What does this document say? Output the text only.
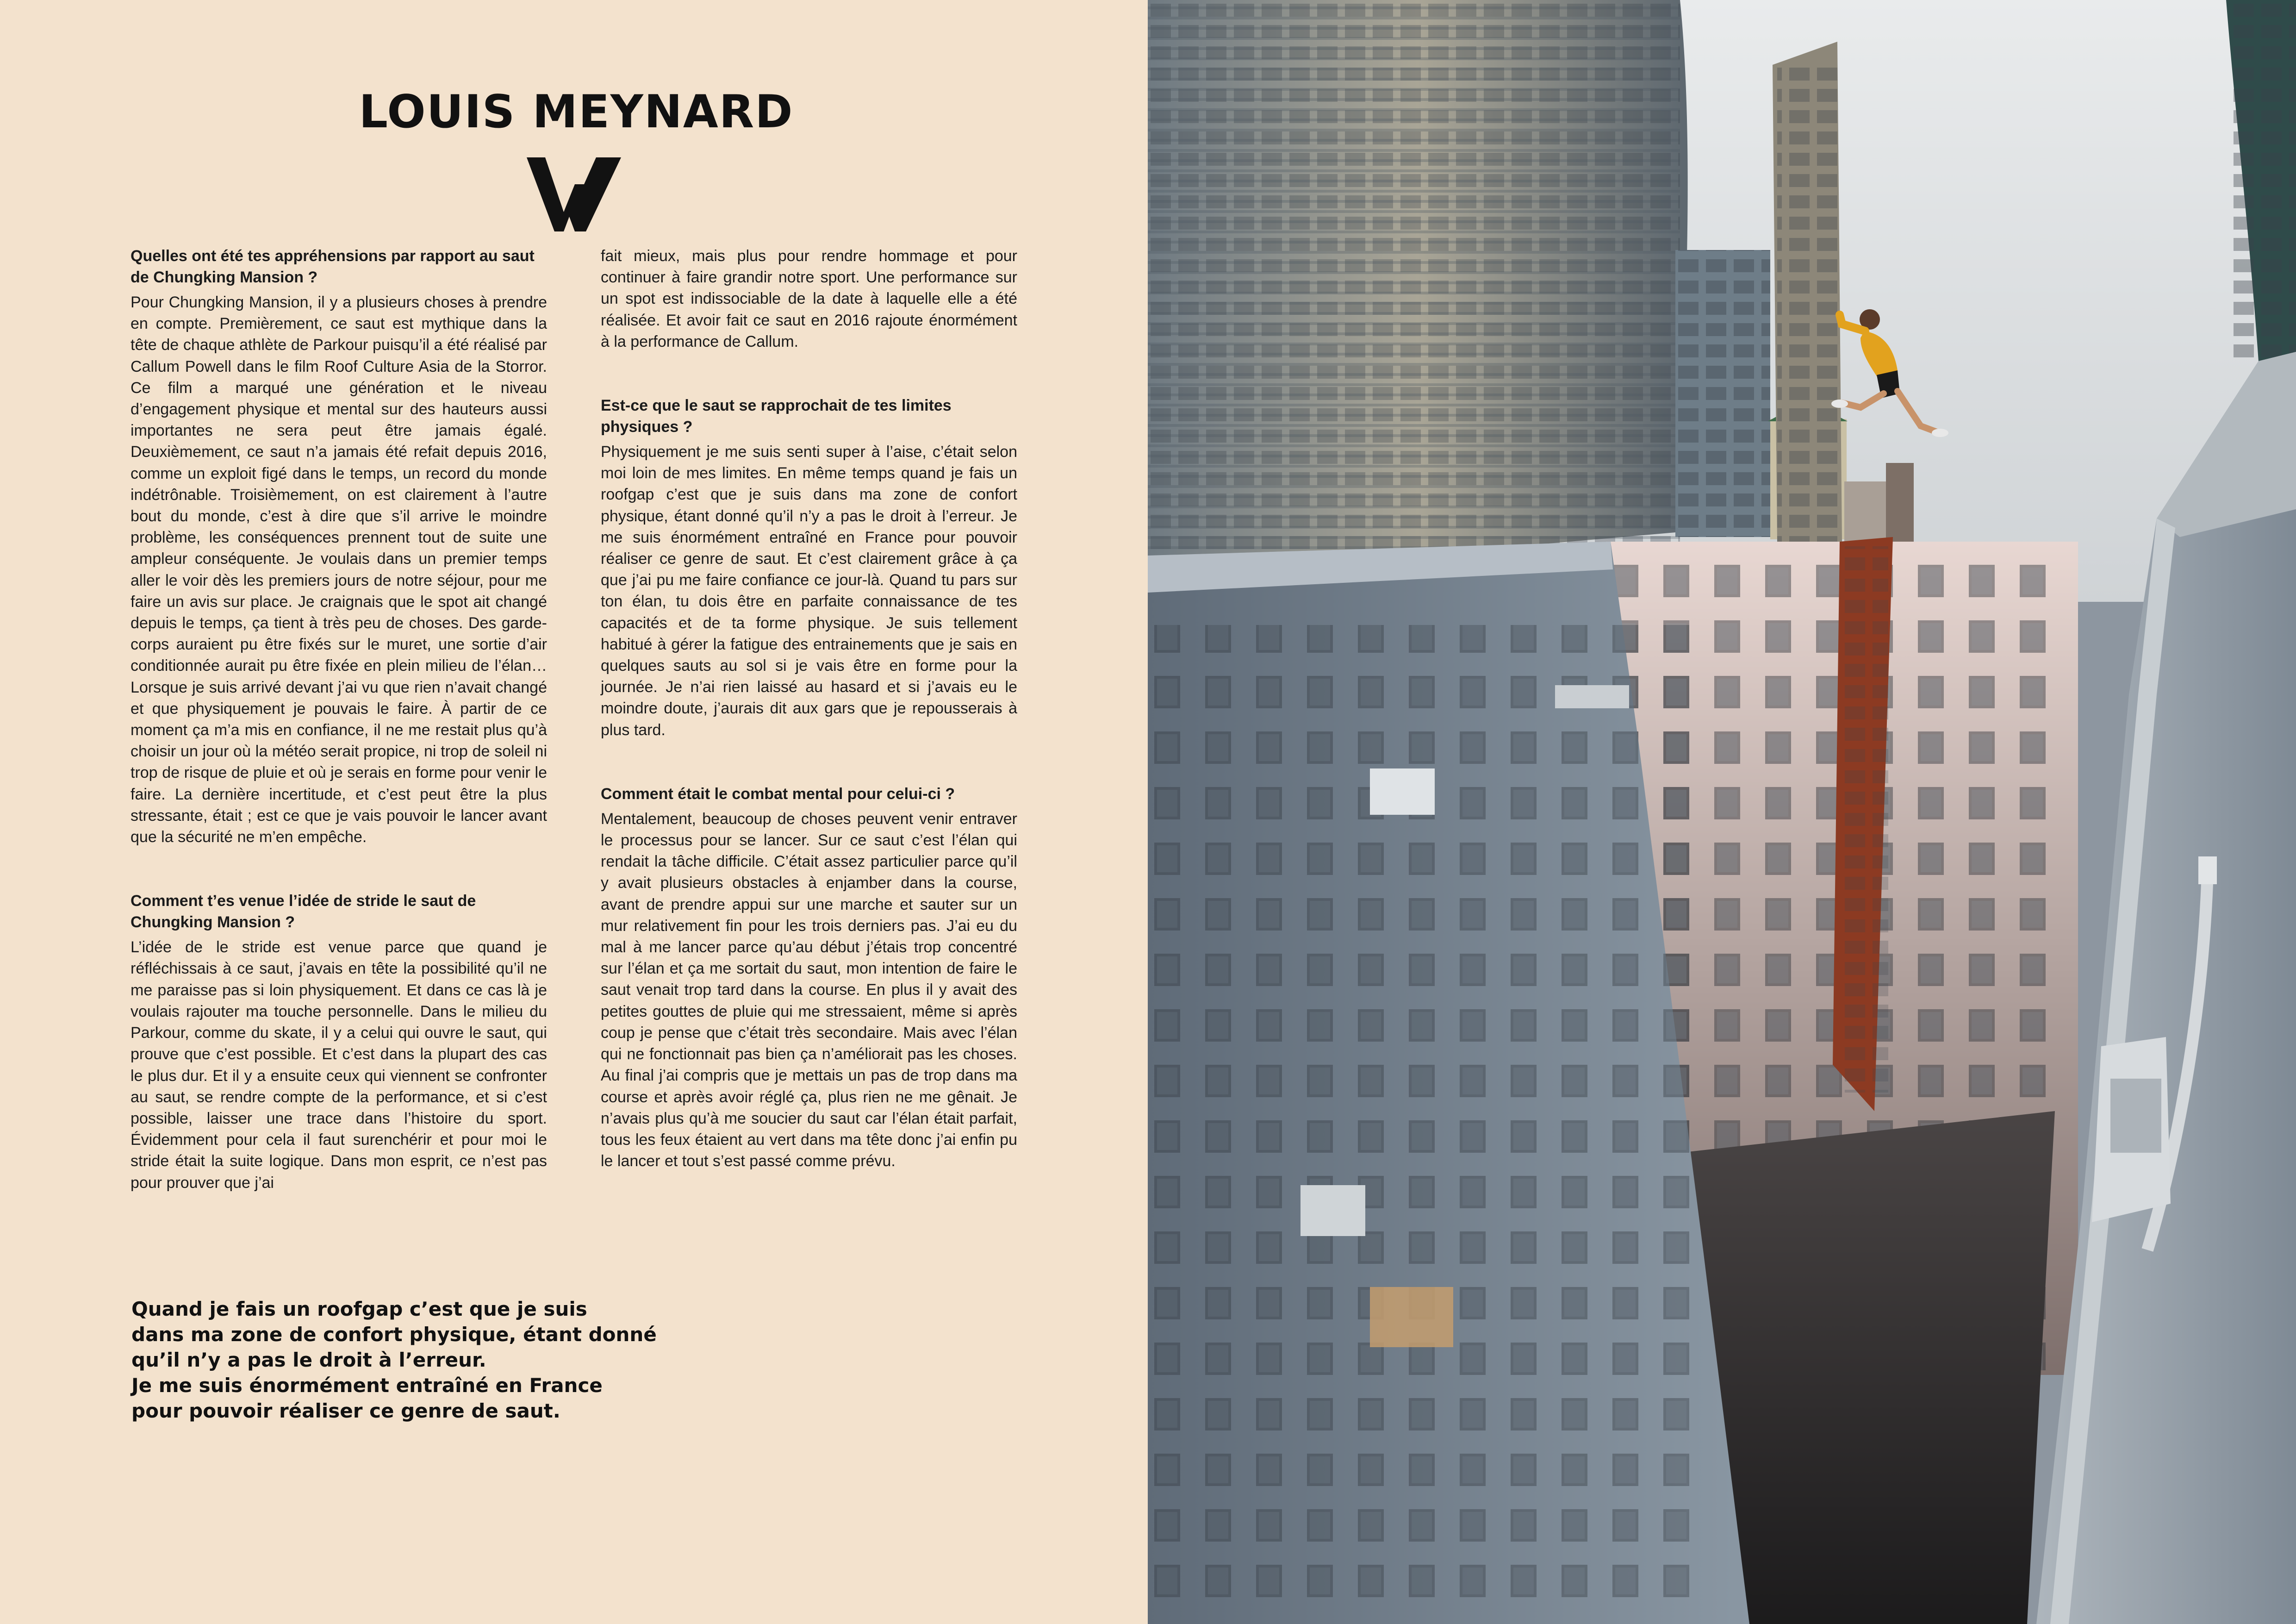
LOUIS MEYNARD

Quelles ont été tes appréhensions par rapport au saut de Chungking Mansion ?

Pour Chungking Mansion, il y a plusieurs choses à prendre en compte. Premièrement, ce saut est mythique dans la tête de chaque athlète de Parkour puisqu’il a été réalisé par Callum Powell dans le film Roof Culture Asia de la Storror. Ce film a marqué une génération et le niveau d’engagement physique et mental sur des hauteurs aussi importantes ne sera peut être jamais égalé. Deuxièmement, ce saut n’a jamais été refait depuis 2016, comme un exploit figé dans le temps, un record du monde indétrônable. Troisièmement, on est clairement à l’autre bout du monde, c’est à dire que s’il arrive le moindre problème, les conséquences prennent tout de suite une ampleur conséquente. Je voulais dans un premier temps aller le voir dès les premiers jours de notre séjour, pour me faire un avis sur place. Je craignais que le spot ait changé depuis le temps, ça tient à très peu de choses. Des garde-corps auraient pu être fixés sur le muret, une sortie d’air conditionnée aurait pu être fixée en plein milieu de l’élan… Lorsque je suis arrivé devant j’ai vu que rien n’avait changé et que physiquement je pouvais le faire. À partir de ce moment ça m’a mis en confiance, il ne me restait plus qu’à choisir un jour où la météo serait propice, ni trop de soleil ni trop de risque de pluie et où je serais en forme pour venir le faire. La dernière incertitude, et c’est peut être la plus stressante, était ; est ce que je vais pouvoir le lancer avant que la sécurité ne m’en empêche.

Comment t’es venue l’idée de stride le saut de Chungking Mansion ?

L’idée de le stride est venue parce que quand je réfléchissais à ce saut, j’avais en tête la possibilité qu’il ne me paraisse pas si loin physiquement. Et dans ce cas là je voulais rajouter ma touche personnelle. Dans le milieu du Parkour, comme du skate, il y a celui qui ouvre le saut, qui prouve que c’est possible. Et c’est dans la plupart des cas le plus dur. Et il y a ensuite ceux qui viennent se confronter au saut, se rendre compte de la performance, et si c’est possible, laisser une trace dans l’histoire du sport. Évidemment pour cela il faut surenchérir et pour moi le stride était la suite logique. Dans mon esprit, ce n’est pas pour prouver que j’ai

fait mieux, mais plus pour rendre hommage et pour continuer à faire grandir notre sport. Une performance sur un spot est indissociable de la date à laquelle elle a été réalisée. Et avoir fait ce saut en 2016 rajoute énormément à la performance de Callum.

Est-ce que le saut se rapprochait de tes limites physiques ?

Physiquement je me suis senti super à l’aise, c’était selon moi loin de mes limites. En même temps quand je fais un roofgap c’est que je suis dans ma zone de confort physique, étant donné qu’il n’y a pas le droit à l’erreur. Je me suis énormément entraîné en France pour pouvoir réaliser ce genre de saut. Et c’est clairement grâce à ça que j’ai pu me faire confiance ce jour-là. Quand tu pars sur ton élan, tu dois être en parfaite connaissance de tes capacités et de ta forme physique. Je suis tellement habitué à gérer la fatigue des entrainements que je sais en quelques sauts au sol si je vais être en forme pour la journée. Je n’ai rien laissé au hasard et si j’avais eu le moindre doute, j’aurais dit aux gars que je repousserais à plus tard.

Comment était le combat mental pour celui-ci ?

Mentalement, beaucoup de choses peuvent venir entraver le processus pour se lancer. Sur ce saut c’est l’élan qui rendait la tâche difficile. C’était assez particulier parce qu’il y avait plusieurs obstacles à enjamber dans la course, avant de prendre appui sur une marche et sauter sur un mur relativement fin pour les trois derniers pas. J’ai eu du mal à me lancer parce qu’au début j’étais trop concentré sur l’élan et ça me sortait du saut, mon intention de faire le saut venait trop tard dans la course. En plus il y avait des petites gouttes de pluie qui me stressaient, même si après coup je pense que c’était très secondaire. Mais avec l’élan qui ne fonctionnait pas bien ça n’améliorait pas les choses. Au final j’ai compris que je mettais un pas de trop dans ma course et après avoir réglé ça, plus rien ne me gênait. Je n’avais plus qu’à me soucier du saut car l’élan était parfait, tous les feux étaient au vert dans ma tête donc j’ai enfin pu le lancer et tout s’est passé comme prévu.

Quand je fais un roofgap c’est que je suis
dans ma zone de confort physique, étant donné
qu’il n’y a pas le droit à l’erreur.
Je me suis énormément entraîné en France
pour pouvoir réaliser ce genre de saut.
